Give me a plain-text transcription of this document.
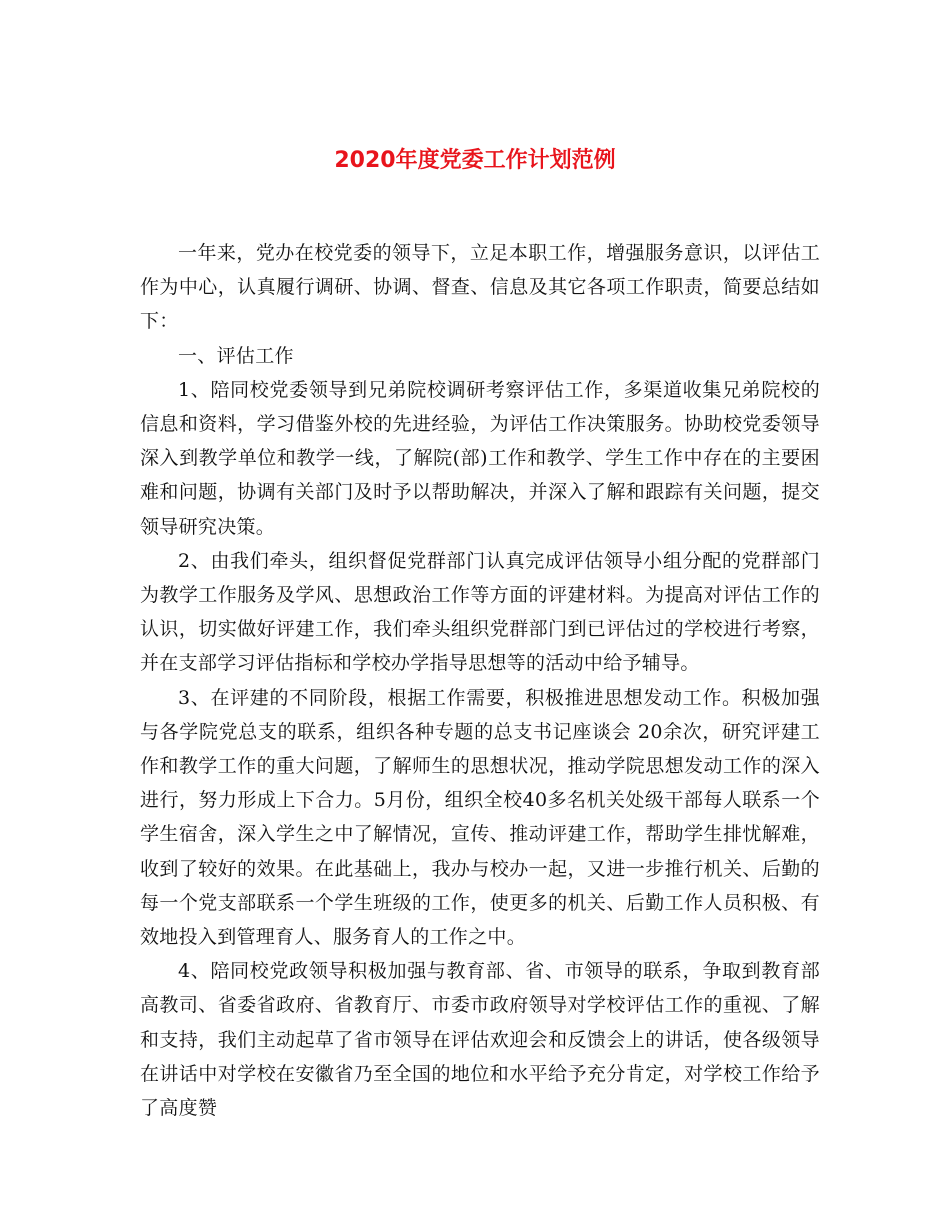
2020年度党委工作计划范例

一年来，党办在校党委的领导下，立足本职工作，增强服务意识，以评估工作为中心，认真履行调研、协调、督查、信息及其它各项工作职责，简要总结如下：

一、评估工作

1、陪同校党委领导到兄弟院校调研考察评估工作，多渠道收集兄弟院校的信息和资料，学习借鉴外校的先进经验，为评估工作决策服务。协助校党委领导深入到教学单位和教学一线，了解院(部)工作和教学、学生工作中存在的主要困难和问题，协调有关部门及时予以帮助解决，并深入了解和跟踪有关问题，提交领导研究决策。

2、由我们牵头，组织督促党群部门认真完成评估领导小组分配的党群部门为教学工作服务及学风、思想政治工作等方面的评建材料。为提高对评估工作的认识，切实做好评建工作，我们牵头组织党群部门到已评估过的学校进行考察，并在支部学习评估指标和学校办学指导思想等的活动中给予辅导。

3、在评建的不同阶段，根据工作需要，积极推进思想发动工作。积极加强与各学院党总支的联系，组织各种专题的总支书记座谈会 20余次，研究评建工作和教学工作的重大问题，了解师生的思想状况，推动学院思想发动工作的深入进行，努力形成上下合力。5月份，组织全校40多名机关处级干部每人联系一个学生宿舍，深入学生之中了解情况，宣传、推动评建工作，帮助学生排忧解难，收到了较好的效果。在此基础上，我办与校办一起，又进一步推行机关、后勤的每一个党支部联系一个学生班级的工作，使更多的机关、后勤工作人员积极、有效地投入到管理育人、服务育人的工作之中。

4、陪同校党政领导积极加强与教育部、省、市领导的联系，争取到教育部高教司、省委省政府、省教育厅、市委市政府领导对学校评估工作的重视、了解和支持，我们主动起草了省市领导在评估欢迎会和反馈会上的讲话，使各级领导在讲话中对学校在安徽省乃至全国的地位和水平给予充分肯定，对学校工作给予了高度赞
